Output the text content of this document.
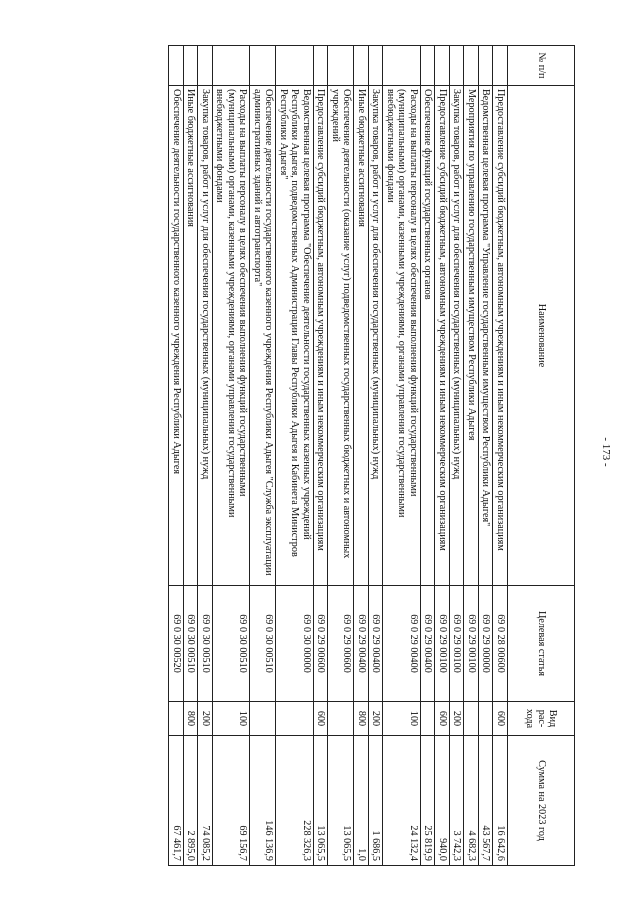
- 173 -
№ п/п	Наименование	Целевая статья	Вид рас-хода	Сумма на 2023 год
	Предоставление субсидий бюджетным, автономным учреждениям и иным некоммерческим организациям	69 0 28 00600	600	16 642,6
	Ведомственная целевая программа "Управление государственным имуществом Республики Адыгея"	69 0 29 00000		43 567,7
	Мероприятия по управлению государственным имуществом Республики Адыгея	69 0 29 00100		4 682,3
	Закупка товаров, работ и услуг для обеспечения государственных (муниципальных) нужд	69 0 29 00100	200	3 742,3
	Предоставление субсидий бюджетным, автономным учреждениям и иным некоммерческим организациям	69 0 29 00100	600	940,0
	Обеспечение функций государственных органов	69 0 29 00400		25 819,9
	Расходы на выплаты персоналу в целях обеспечения выполнения функций государственными (муниципальными) органами, казенными учреждениями, органами управления государственными внебюджетными фондами	69 0 29 00400	100	24 132,4
	Закупка товаров, работ и услуг для обеспечения государственных (муниципальных) нужд	69 0 29 00400	200	1 686,5
	Иные бюджетные ассигнования	69 0 29 00400	800	1,0
	Обеспечение деятельности (оказание услуг) подведомственных государственных бюджетных и автономных учреждений	69 0 29 00600		13 065,5
	Предоставление субсидий бюджетным, автономным учреждениям и иным некоммерческим организациям	69 0 29 00600	600	13 065,5
	Ведомственная целевая программа "Обеспечение деятельности государственных казенных учреждений Республики Адыгея, подведомственных Администрации Главы Республики Адыгея и Кабинета Министров Республики Адыгея"	69 0 30 00000		228 326,3
	Обеспечение деятельности государственного казенного учреждения Республики Адыгея "Служба эксплуатации административных зданий и автотранспорта"	69 0 30 00510		146 136,9
	Расходы на выплаты персоналу в целях обеспечения выполнения функций государственными (муниципальными) органами, казенными учреждениями, органами управления государственными внебюджетными фондами	69 0 30 00510	100	69 156,7
	Закупка товаров, работ и услуг для обеспечения государственных (муниципальных) нужд	69 0 30 00510	200	74 085,2
	Иные бюджетные ассигнования	69 0 30 00510	800	2 895,0
	Обеспечение деятельности государственного казенного учреждения Республики Адыгея	69 0 30 00520		67 461,7
